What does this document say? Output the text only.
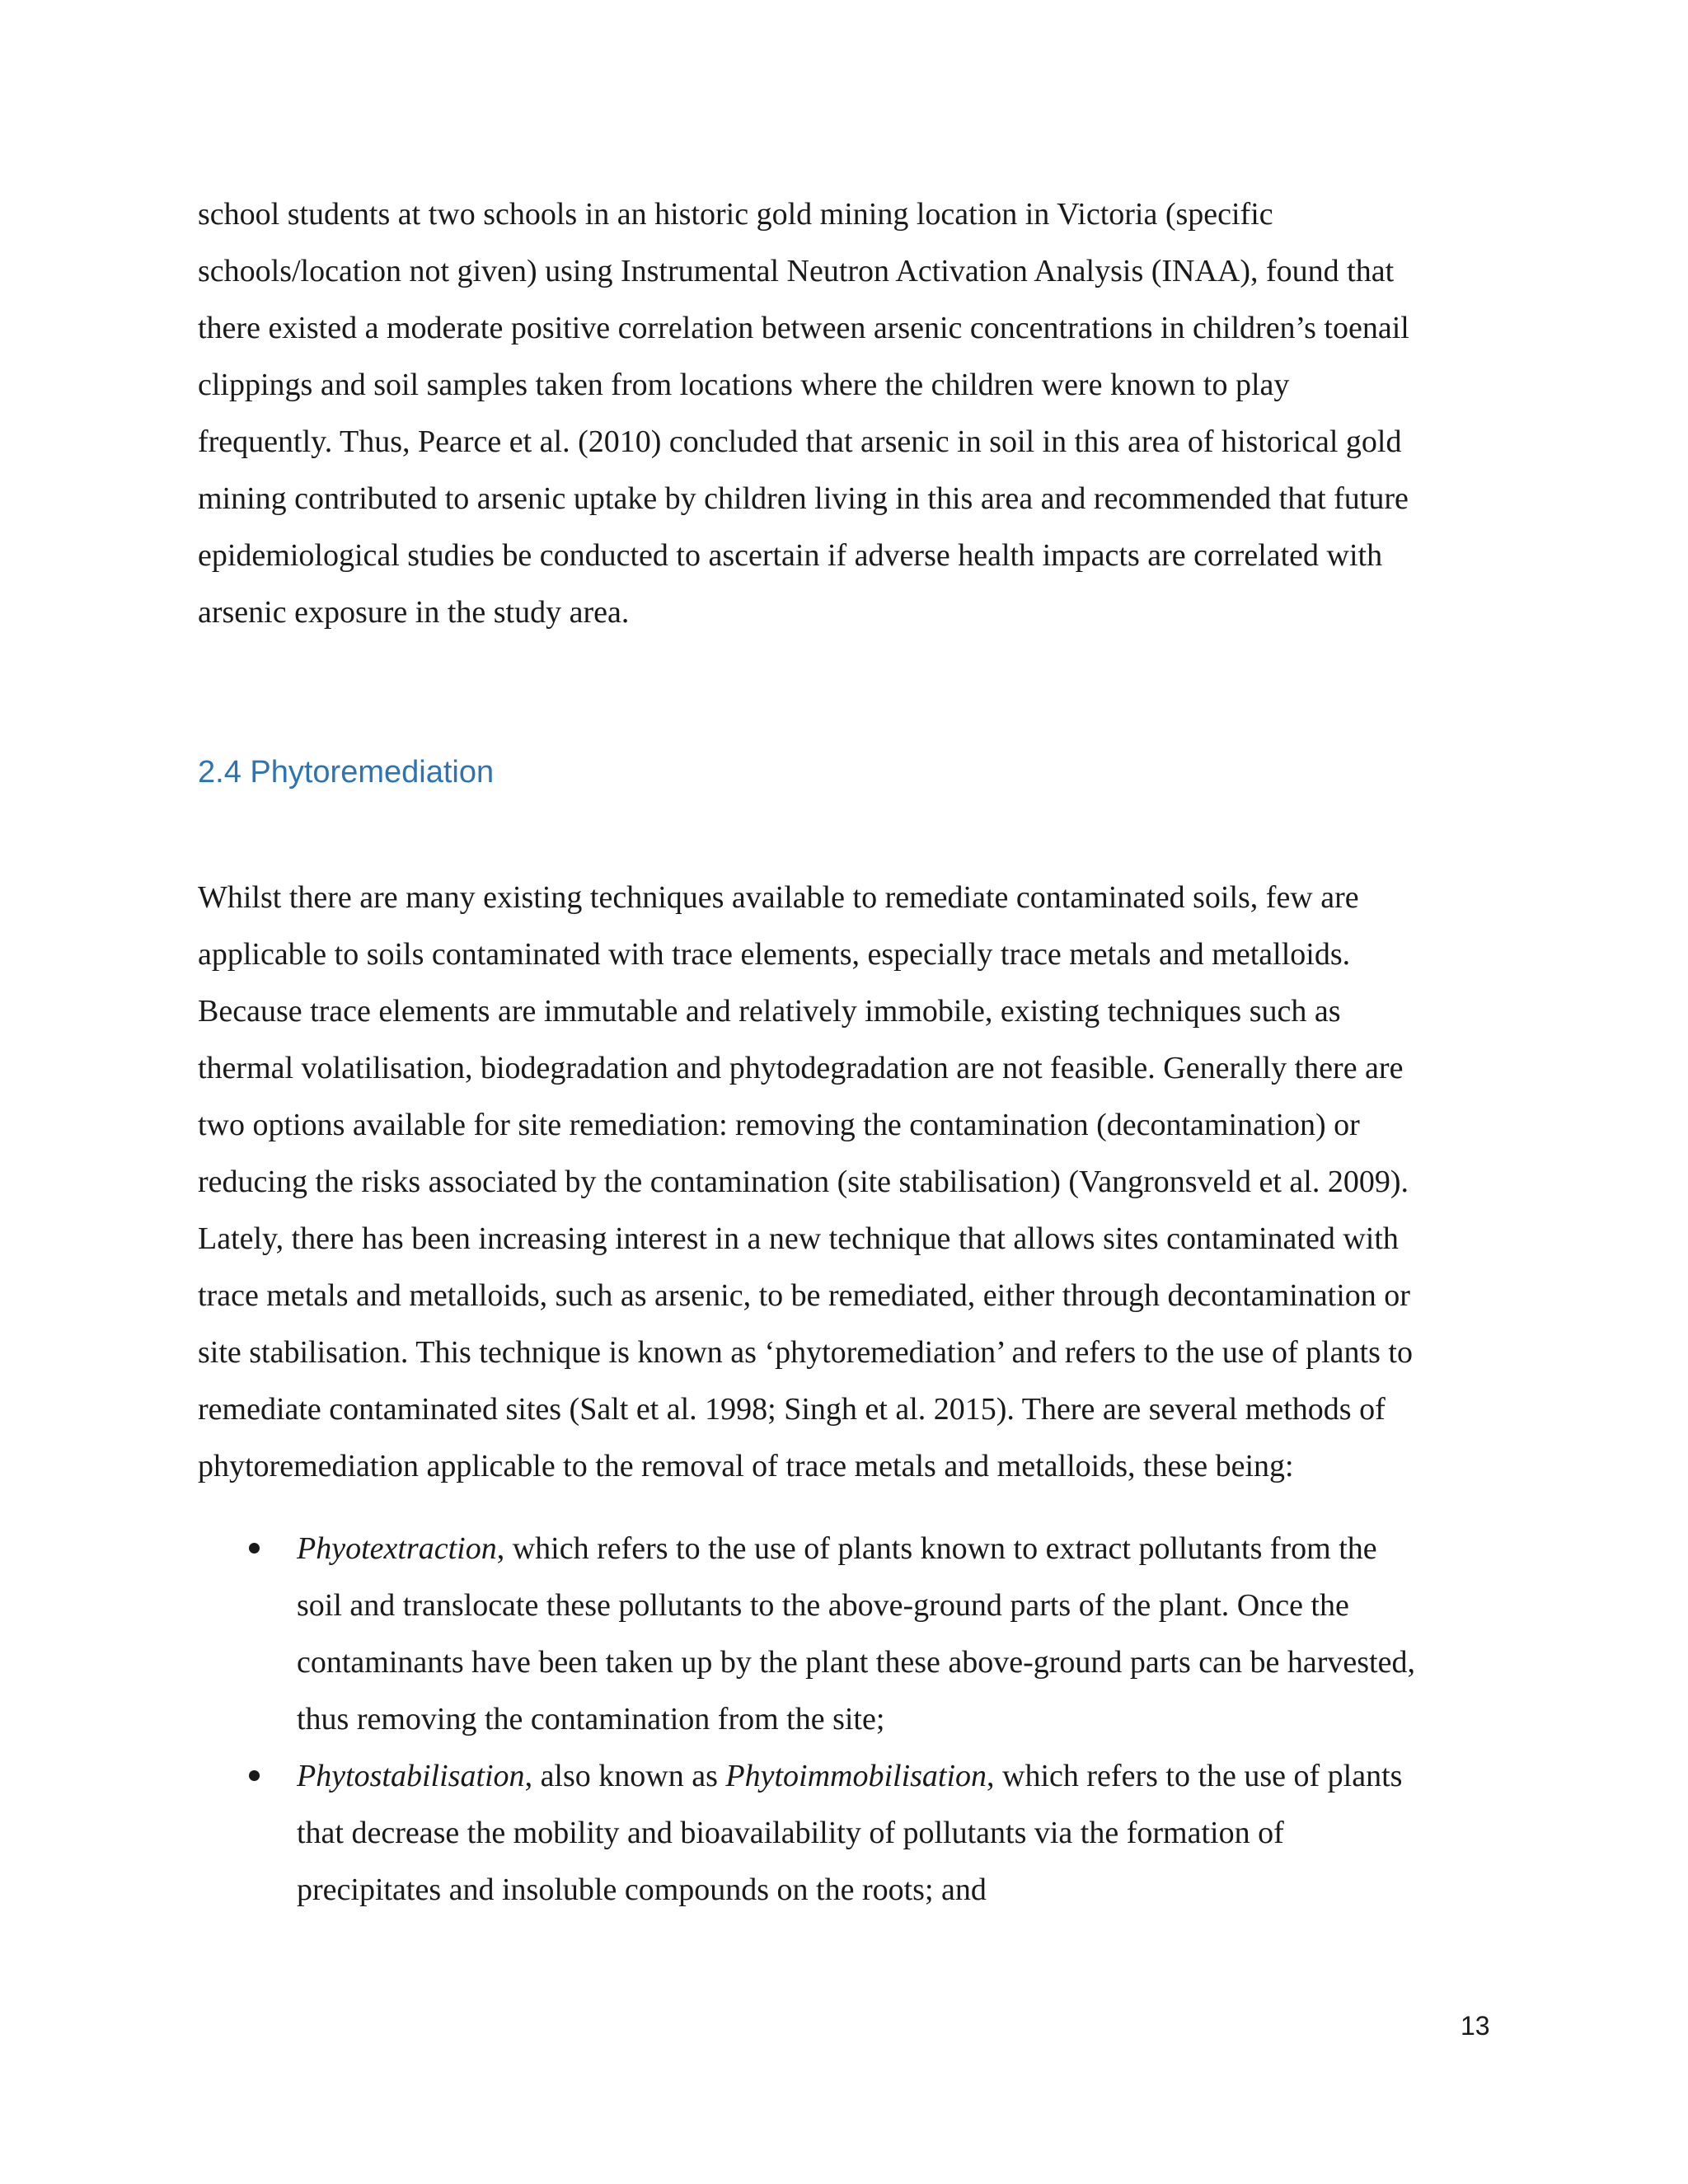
school students at two schools in an historic gold mining location in Victoria (specific
schools/location not given) using Instrumental Neutron Activation Analysis (INAA), found that
there existed a moderate positive correlation between arsenic concentrations in children’s toenail
clippings and soil samples taken from locations where the children were known to play
frequently. Thus, Pearce et al. (2010) concluded that arsenic in soil in this area of historical gold
mining contributed to arsenic uptake by children living in this area and recommended that future
epidemiological studies be conducted to ascertain if adverse health impacts are correlated with
arsenic exposure in the study area.

2.4 Phytoremediation

Whilst there are many existing techniques available to remediate contaminated soils, few are
applicable to soils contaminated with trace elements, especially trace metals and metalloids.
Because trace elements are immutable and relatively immobile, existing techniques such as
thermal volatilisation, biodegradation and phytodegradation are not feasible. Generally there are
two options available for site remediation: removing the contamination (decontamination) or
reducing the risks associated by the contamination (site stabilisation) (Vangronsveld et al. 2009).
Lately, there has been increasing interest in a new technique that allows sites contaminated with
trace metals and metalloids, such as arsenic, to be remediated, either through decontamination or
site stabilisation. This technique is known as ‘phytoremediation’ and refers to the use of plants to
remediate contaminated sites (Salt et al. 1998; Singh et al. 2015). There are several methods of
phytoremediation applicable to the removal of trace metals and metalloids, these being:

Phyotextraction, which refers to the use of plants known to extract pollutants from the
soil and translocate these pollutants to the above-ground parts of the plant. Once the
contaminants have been taken up by the plant these above-ground parts can be harvested,
thus removing the contamination from the site;
Phytostabilisation, also known as Phytoimmobilisation, which refers to the use of plants
that decrease the mobility and bioavailability of pollutants via the formation of
precipitates and insoluble compounds on the roots; and
13
